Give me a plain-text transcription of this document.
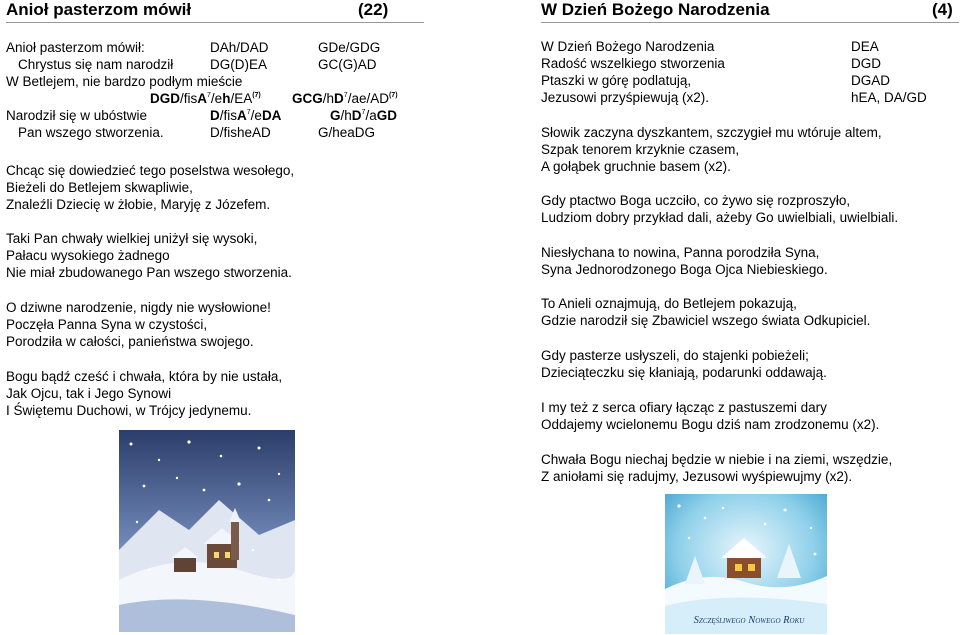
Anioł pasterzom mówił	(22)
Anioł pasterzom mówił:	DAh/DAD	GDe/GDG
Chrystus się nam narodził	DG(D)EA	GC(G)AD
W Betlejem, nie bardzo podłym mieście
DGD/fisA$^7$/eh/EA$^{(7)}$ GCG/$hD^7/ae/AD^{(7)}$
Narodził się w ubóstwie	D/fisA$^7$/eDA	$G/hD^7$/aGD
Pan wszego stworzenia.	D/fisheAD	G/heaDG
Chcąc się dowiedzieć tego poselstwa wesołego,
Bieżeli do Betlejem skwapliwie,
Znaleźli Dziecię w żłobie, Maryję z Józefem.
Taki Pan chwały wielkiej uniżył się wysoki,
Pałacu wysokiego żadnego
Nie miał zbudowanego Pan wszego stworzenia.
O dziwne narodzenie, nigdy nie wysłowione!
Poczęła Panna Syna w czystości,
Porodziła w całości, panieństwa swojego.
Bogu bądź cześć i chwała, która by nie ustała,
Jak Ojcu, tak i Jego Synowi
I Świętemu Duchowi, w Trójcy jedynemu.
W Dzień Bożego Narodzenia	(4)
W Dzień Bożego Narodzenia	DEA
Radość wszelkiego stworzenia	DGD
Ptaszki w górę podlatują,	DGAD
Jezusowi przyśpiewują (x2).	hEA, DA/GD
Słowik zaczyna dyszkantem, szczygieł mu wtóruje altem,
Szpak tenorem krzyknie czasem,
A gołąbek gruchnie basem (x2).
Gdy ptactwo Boga uczciło, co żywo się rozproszyło,
Ludziom dobry przykład dali, ażeby Go uwielbiali, uwielbiali.
Niesłychana to nowina, Panna porodziła Syna,
Syna Jednorodzonego Boga Ojca Niebieskiego.
To Anieli oznajmują, do Betlejem pokazują,
Gdzie narodził się Zbawiciel wszego świata Odkupiciel.
Gdy pasterze usłyszeli, do stajenki pobieżeli;
Dzieciąteczku się kłaniają, podarunki oddawają.
I my też z serca ofiary łącząc z pastuszemi dary
Oddajemy wcielonemu Bogu dziś nam zrodzonemu (x2).
Chwała Bogu niechaj będzie w niebie i na ziemi, wszędzie,
Z aniołami się radujmy, Jezusowi wyśpiewujmy (x2).
Szczęśliwego Nowego Roku
